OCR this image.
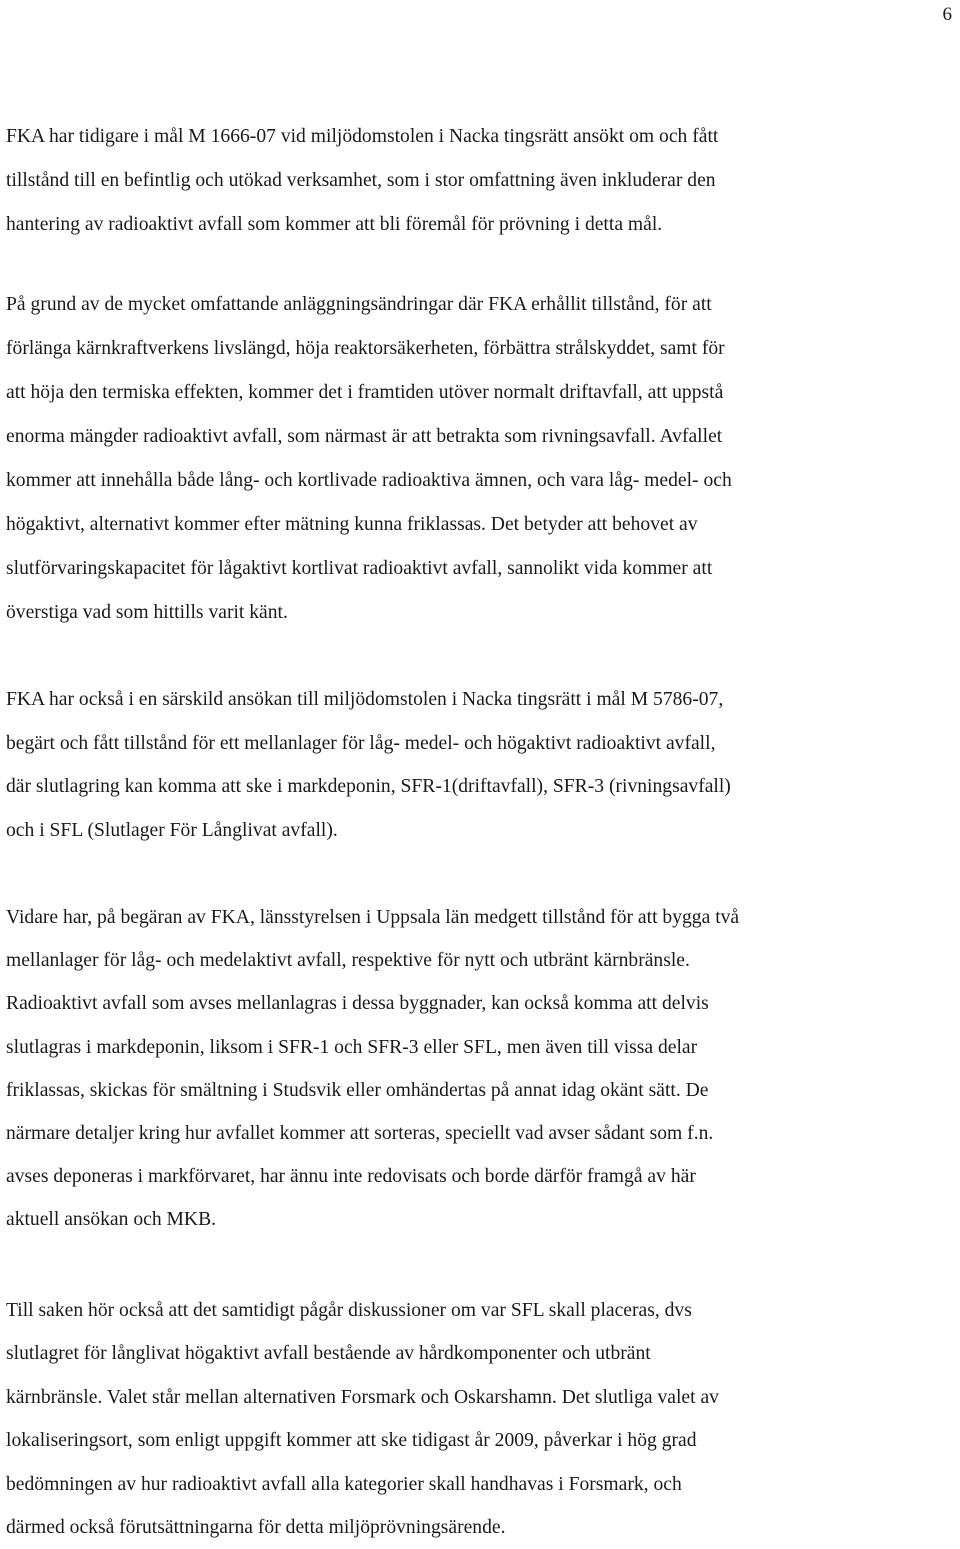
6

FKA har tidigare i mål M 1666-07 vid miljödomstolen i Nacka tingsrätt ansökt om och fått
tillstånd till en befintlig och utökad verksamhet, som i stor omfattning även inkluderar den
hantering av radioaktivt avfall som kommer att bli föremål för prövning i detta mål.

På grund av de mycket omfattande anläggningsändringar där FKA erhållit tillstånd, för att
förlänga kärnkraftverkens livslängd, höja reaktorsäkerheten, förbättra strålskyddet, samt för
att höja den termiska effekten, kommer det i framtiden utöver normalt driftavfall, att uppstå
enorma mängder radioaktivt avfall, som närmast är att betrakta som rivningsavfall. Avfallet
kommer att innehålla både lång- och kortlivade radioaktiva ämnen, och vara låg- medel- och
högaktivt, alternativt kommer efter mätning kunna friklassas. Det betyder att behovet av
slutförvaringskapacitet för lågaktivt kortlivat radioaktivt avfall, sannolikt vida kommer att
överstiga vad som hittills varit känt.

FKA har också i en särskild ansökan till miljödomstolen i Nacka tingsrätt i mål M 5786-07,
begärt och fått tillstånd för ett mellanlager för låg- medel- och högaktivt radioaktivt avfall,
där slutlagring kan komma att ske i markdeponin, SFR-1(driftavfall), SFR-3 (rivningsavfall)
och i SFL (Slutlager För Långlivat avfall).

Vidare har, på begäran av FKA, länsstyrelsen i Uppsala län medgett tillstånd för att bygga två
mellanlager för låg- och medelaktivt avfall, respektive för nytt och utbränt kärnbränsle.
Radioaktivt avfall som avses mellanlagras i dessa byggnader, kan också komma att delvis
slutlagras i markdeponin, liksom i SFR-1 och SFR-3 eller SFL, men även till vissa delar
friklassas, skickas för smältning i Studsvik eller omhändertas på annat idag okänt sätt. De
närmare detaljer kring hur avfallet kommer att sorteras, speciellt vad avser sådant som f.n.
avses deponeras i markförvaret, har ännu inte redovisats och borde därför framgå av här
aktuell ansökan och MKB.

Till saken hör också att det samtidigt pågår diskussioner om var SFL skall placeras, dvs
slutlagret för långlivat högaktivt avfall bestående av hårdkomponenter och utbränt
kärnbränsle. Valet står mellan alternativen Forsmark och Oskarshamn. Det slutliga valet av
lokaliseringsort, som enligt uppgift kommer att ske tidigast år 2009, påverkar i hög grad
bedömningen av hur radioaktivt avfall alla kategorier skall handhavas i Forsmark, och
därmed också förutsättningarna för detta miljöprövningsärende.
